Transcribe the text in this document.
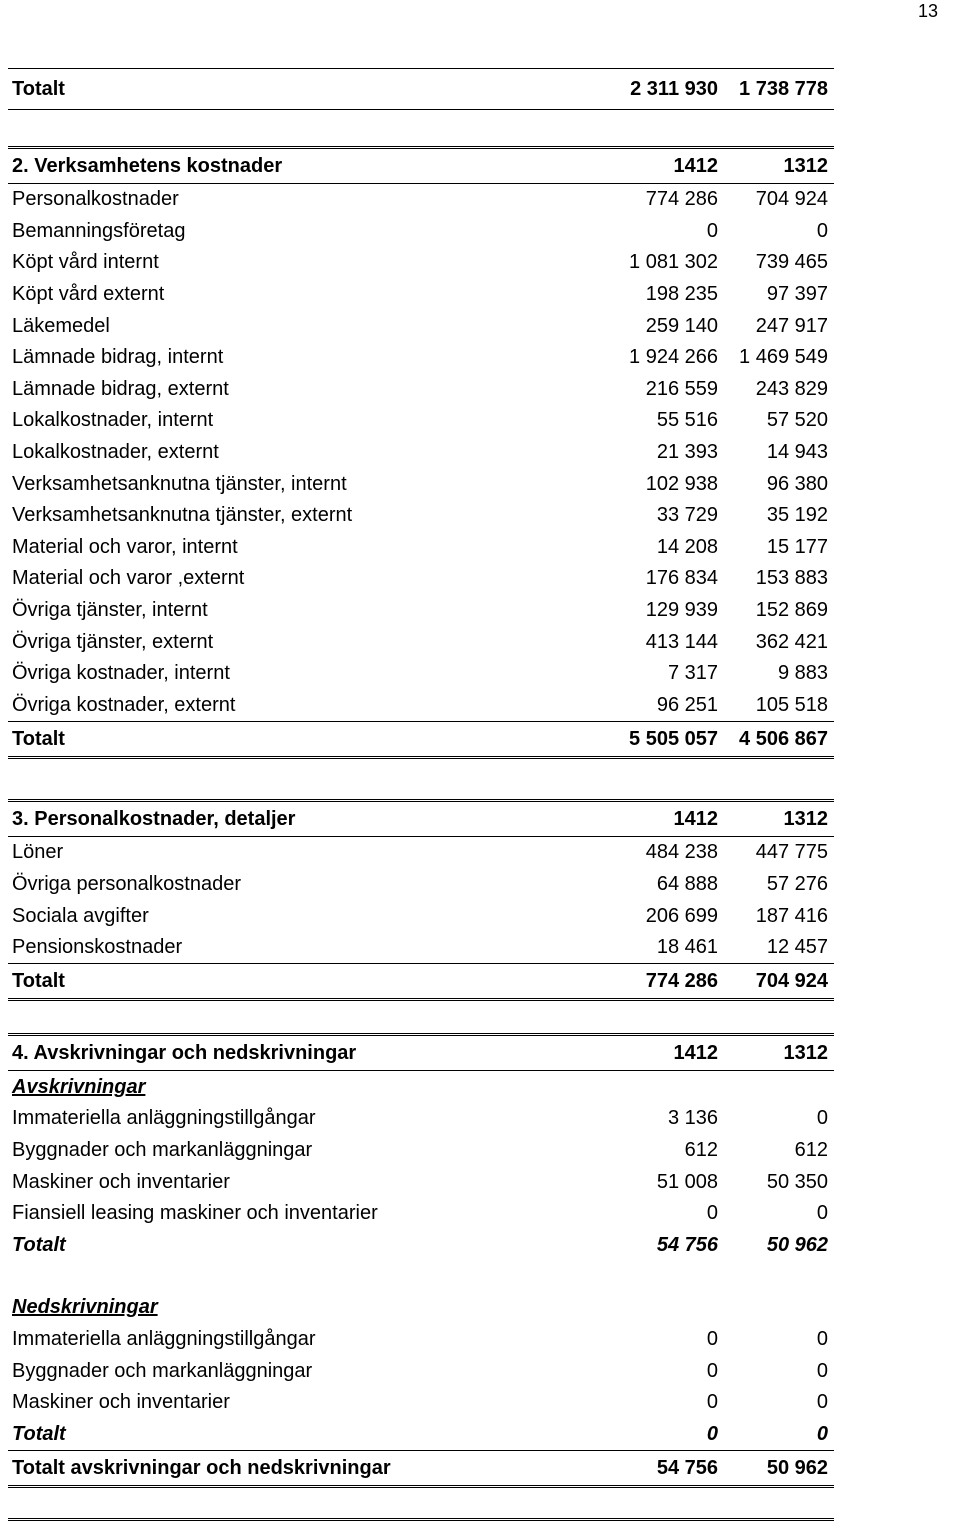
13
Totalt	2 311 930	1 738 778
2. Verksamhetens kostnader	1412	1312
Personalkostnader	774 286	704 924
Bemanningsföretag	0	0
Köpt vård internt	1 081 302	739 465
Köpt vård externt	198 235	97 397
Läkemedel	259 140	247 917
Lämnade bidrag, internt	1 924 266	1 469 549
Lämnade bidrag, externt	216 559	243 829
Lokalkostnader, internt	55 516	57 520
Lokalkostnader, externt	21 393	14 943
Verksamhetsanknutna tjänster, internt	102 938	96 380
Verksamhetsanknutna tjänster, externt	33 729	35 192
Material och varor, internt	14 208	15 177
Material och varor ,externt	176 834	153 883
Övriga tjänster, internt	129 939	152 869
Övriga tjänster, externt	413 144	362 421
Övriga kostnader, internt	7 317	9 883
Övriga kostnader, externt	96 251	105 518
Totalt	5 505 057	4 506 867
3. Personalkostnader, detaljer	1412	1312
Löner	484 238	447 775
Övriga personalkostnader	64 888	57 276
Sociala avgifter	206 699	187 416
Pensionskostnader	18 461	12 457
Totalt	774 286	704 924
4. Avskrivningar och nedskrivningar	1412	1312
Avskrivningar
Immateriella anläggningstillgångar	3 136	0
Byggnader och markanläggningar	612	612
Maskiner och inventarier	51 008	50 350
Fiansiell leasing maskiner och inventarier	0	0
Totalt	54 756	50 962
Nedskrivningar
Immateriella anläggningstillgångar	0	0
Byggnader och markanläggningar	0	0
Maskiner och inventarier	0	0
Totalt	0	0
Totalt avskrivningar och nedskrivningar	54 756	50 962
